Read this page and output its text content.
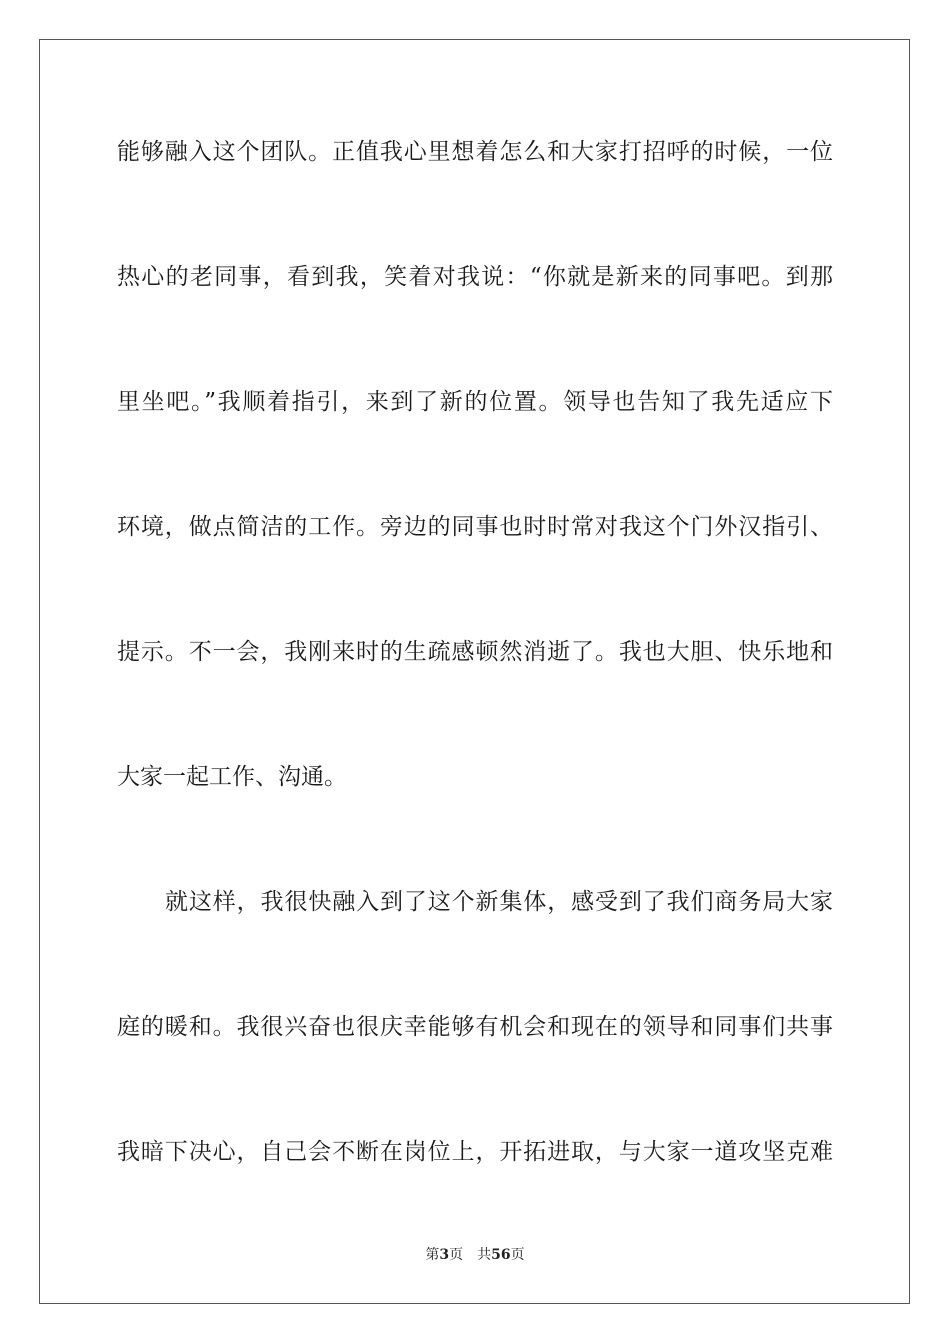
能够融入这个团队。正值我心里想着怎么和大家打招呼的时候，一位
热心的老同事，看到我，笑着对我说：“你就是新来的同事吧。到那
里坐吧。”我顺着指引，来到了新的位置。领导也告知了我先适应下
环境，做点简洁的工作。旁边的同事也时时常对我这个门外汉指引、
提示。不一会，我刚来时的生疏感顿然消逝了。我也大胆、快乐地和
大家一起工作、沟通。
就这样，我很快融入到了这个新集体，感受到了我们商务局大家
庭的暖和。我很兴奋也很庆幸能够有机会和现在的领导和同事们共事
我暗下决心，自己会不断在岗位上，开拓进取，与大家一道攻坚克难
第3页 共56页
